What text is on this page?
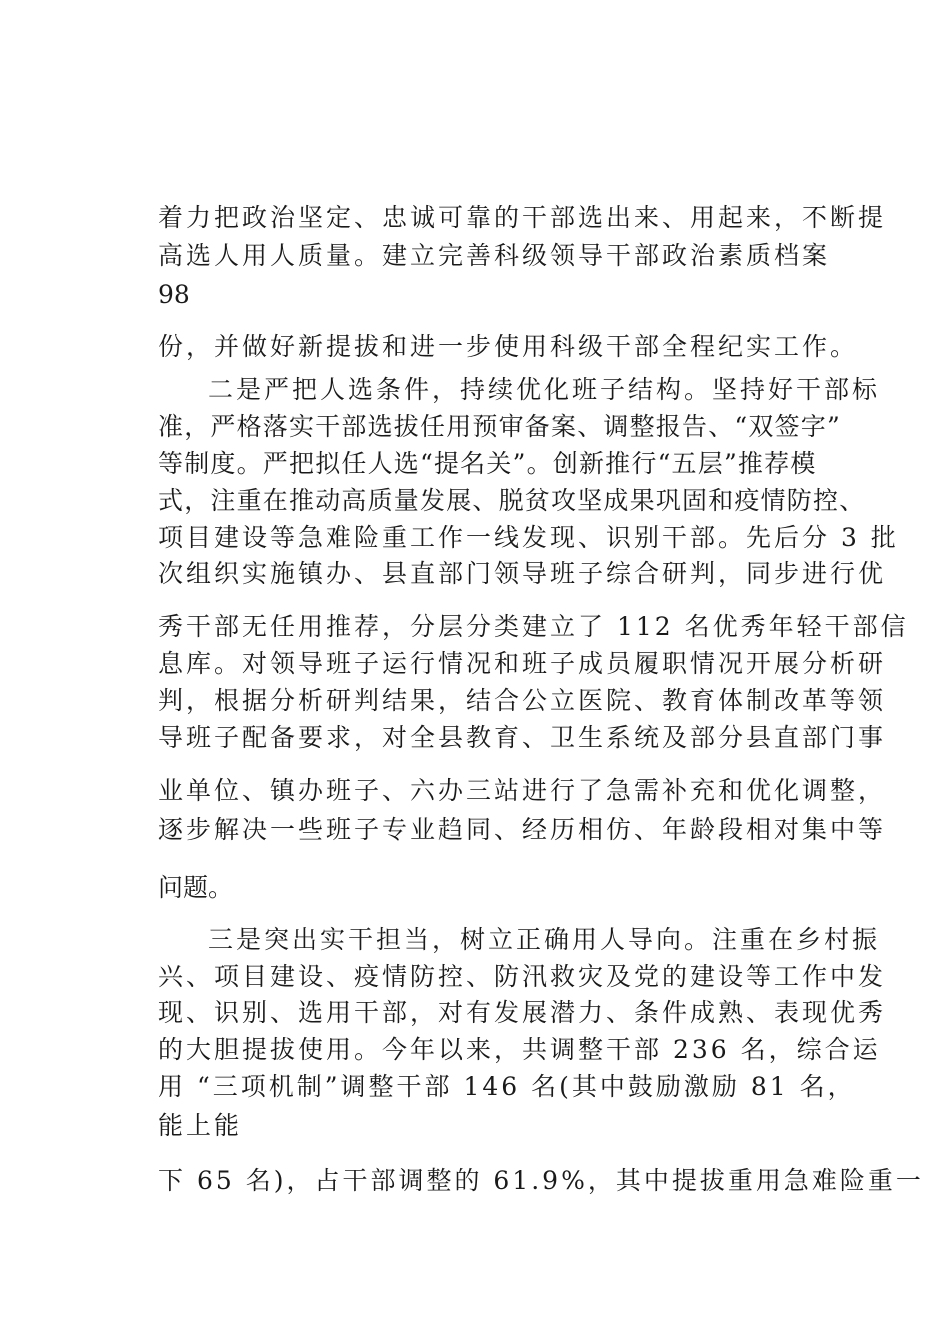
着力把政治坚定、忠诚可靠的干部选出来、用起来，不断提
高选人用人质量。建立完善科级领导干部政治素质档案
98
份，并做好新提拔和进一步使用科级干部全程纪实工作。
二是严把人选条件，持续优化班子结构。坚持好干部标
准，严格落实干部选拔任用预审备案、调整报告、“双签字”
等制度。严把拟任人选“提名关”。创新推行“五层”推荐模
式，注重在推动高质量发展、脱贫攻坚成果巩固和疫情防控、
项目建设等急难险重工作一线发现、识别干部。先后分 3 批
次组织实施镇办、县直部门领导班子综合研判，同步进行优
秀干部无任用推荐，分层分类建立了 112 名优秀年轻干部信
息库。对领导班子运行情况和班子成员履职情况开展分析研
判，根据分析研判结果，结合公立医院、教育体制改革等领
导班子配备要求，对全县教育、卫生系统及部分县直部门事
业单位、镇办班子、六办三站进行了急需补充和优化调整，
逐步解决一些班子专业趋同、经历相仿、年龄段相对集中等
问题。
三是突出实干担当，树立正确用人导向。注重在乡村振
兴、项目建设、疫情防控、防汛救灾及党的建设等工作中发
现、识别、选用干部，对有发展潜力、条件成熟、表现优秀
的大胆提拔使用。今年以来，共调整干部 236 名，综合运
用 “三项机制”调整干部 146 名(其中鼓励激励 81 名，
能上能
下 65 名)，占干部调整的 61.9%，其中提拔重用急难险重一
